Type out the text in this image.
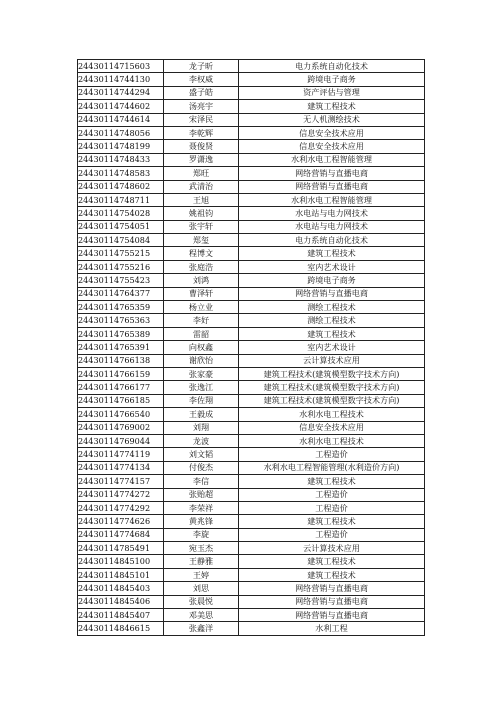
24430114715603	龙子昕	电力系统自动化技术
24430114744130	李权威	跨境电子商务
24430114744294	盛子皓	资产评估与管理
24430114744602	汤亮宇	建筑工程技术
24430114744614	宋泽民	无人机测绘技术
24430114748056	李乾辉	信息安全技术应用
24430114748199	聂俊贤	信息安全技术应用
24430114748433	罗潇逸	水利水电工程智能管理
24430114748583	郑旺	网络营销与直播电商
24430114748602	武清治	网络营销与直播电商
24430114748711	王旭	水利水电工程智能管理
24430114754028	姚祖钧	水电站与电力网技术
24430114754051	张宇轩	水电站与电力网技术
24430114754084	郑玺	电力系统自动化技术
24430114755215	程博文	建筑工程技术
24430114755216	张庭浩	室内艺术设计
24430114755423	刘鸿	跨境电子商务
24430114764377	曹泽轩	网络营销与直播电商
24430114765359	杨立业	测绘工程技术
24430114765363	李好	测绘工程技术
24430114765389	雷韶	建筑工程技术
24430114765391	向权鑫	室内艺术设计
24430114766138	谢欣怡	云计算技术应用
24430114766159	张家豪	建筑工程技术(建筑模型数字技术方向)
24430114766177	张逸江	建筑工程技术(建筑模型数字技术方向)
24430114766185	李佐翔	建筑工程技术(建筑模型数字技术方向)
24430114766540	王毅成	水利水电工程技术
24430114769002	刘翔	信息安全技术应用
24430114769044	龙波	水利水电工程技术
24430114774119	刘文韬	工程造价
24430114774134	付俊杰	水利水电工程智能管理(水利造价方向)
24430114774157	李信	建筑工程技术
24430114774272	张贻超	工程造价
24430114774292	李荣祥	工程造价
24430114774626	黄兆锋	建筑工程技术
24430114774684	李旋	工程造价
24430114785491	宛玉杰	云计算技术应用
24430114845100	王静雅	建筑工程技术
24430114845101	王婷	建筑工程技术
24430114845403	刘思	网络营销与直播电商
24430114845406	张晨悦	网络营销与直播电商
24430114845407	邓美思	网络营销与直播电商
24430114846615	张鑫洋	水利工程
